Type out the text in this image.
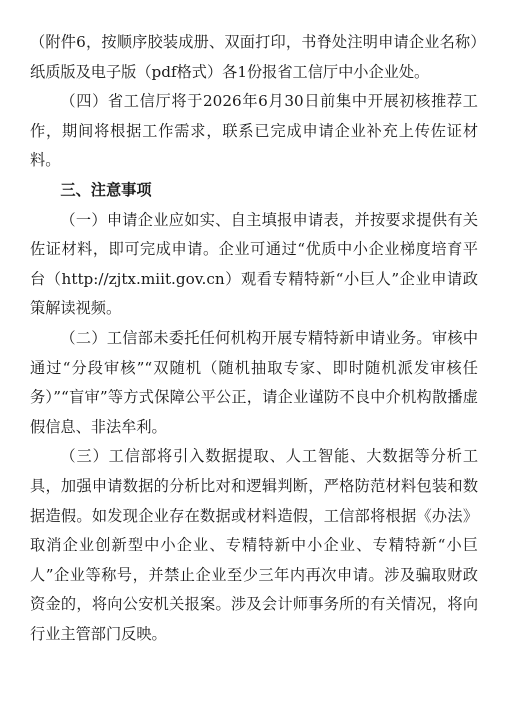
（附件6，按顺序胶装成册、双面打印，书脊处注明申请企业名称）纸质版及电子版（pdf格式）各1份报省工信厅中小企业处。

（四）省工信厅将于2026年6月30日前集中开展初核推荐工作，期间将根据工作需求，联系已完成申请企业补充上传佐证材料。

三、注意事项

（一）申请企业应如实、自主填报申请表，并按要求提供有关佐证材料，即可完成申请。企业可通过“优质中小企业梯度培育平台（http://zjtx.miit.gov.cn）观看专精特新“小巨人”企业申请政策解读视频。

（二）工信部未委托任何机构开展专精特新申请业务。审核中通过“分段审核”“双随机（随机抽取专家、即时随机派发审核任务）”“盲审”等方式保障公平公正，请企业谨防不良中介机构散播虚假信息、非法牟利。

（三）工信部将引入数据提取、人工智能、大数据等分析工具，加强申请数据的分析比对和逻辑判断，严格防范材料包装和数据造假。如发现企业存在数据或材料造假，工信部将根据《办法》取消企业创新型中小企业、专精特新中小企业、专精特新“小巨人”企业等称号，并禁止企业至少三年内再次申请。涉及骗取财政资金的，将向公安机关报案。涉及会计师事务所的有关情况，将向行业主管部门反映。
